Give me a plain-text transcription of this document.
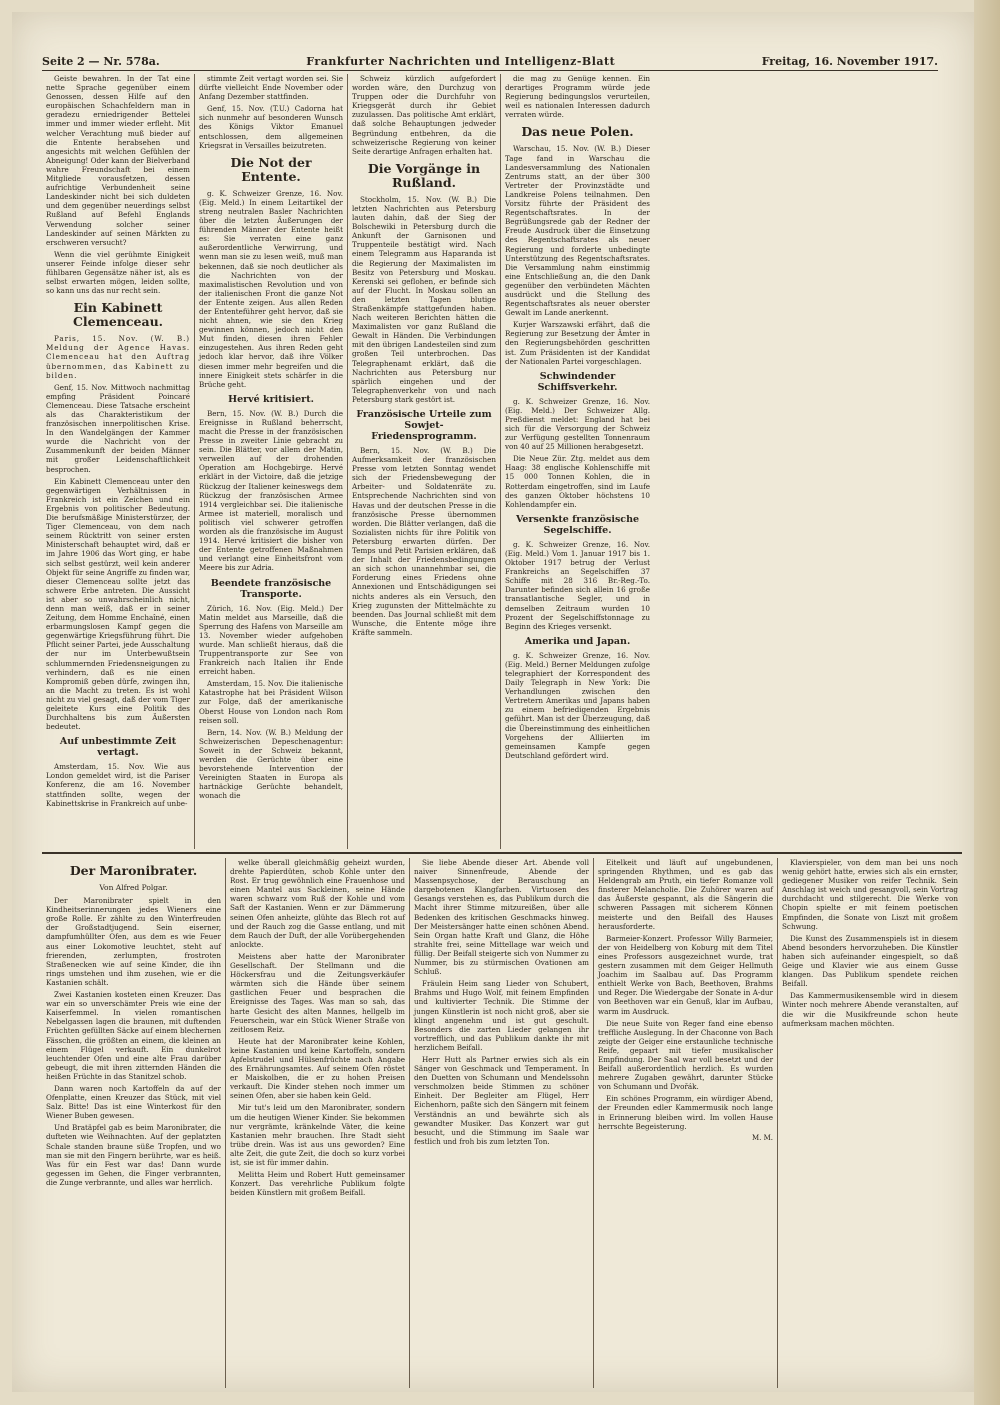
Seite 2 — Nr. 578a.	Frankfurter Nachrichten und Intelligenz-Blatt	Freitag, 16. November 1917.

Geiste bewahren. In der Tat eine nette Sprache gegenüber einem Genossen, dessen Hilfe auf den europäischen Schachfeldern man in geradezu erniedrigender Bettelei immer und immer wieder erfleht. Mit welcher Verachtung muß bieder auf die Entente herabsehen und angesichts mit welchen Gefühlen der Abneigung! Oder kann der Bielverband wahre Freundschaft bei einem Mitgliede vorausfetzen, dessen aufrichtige Verbundenheit seine Landeskinder nicht bei sich duldeten und dem gegenüber neuerdings selbst Rußland auf Befehl Englands Verwendung solcher seiner Landeskinder auf seinen Märkten zu erschweren versucht?

Wenn die viel gerühmte Einigkeit unserer Feinde infolge dieser sehr fühlbaren Gegensätze näher ist, als es selbst erwarten mögen, leiden sollte, so kann uns das nur recht sein.

Ein Kabinett Clemenceau.

Paris, 15. Nov. (W. B.) Meldung der Agence Havas. Clemenceau hat den Auftrag übernommen, das Kabinett zu bilden.

Genf, 15. Nov. Mittwoch nachmittag empfing Präsident Poincaré Clemenceau. Diese Tatsache erscheint als das Charakteristikum der französischen innerpolitischen Krise. In den Wandelgängen der Kammer wurde die Nachricht von der Zusammenkunft der beiden Männer mit großer Leidenschaftlichkeit besprochen.

Ein Kabinett Clemenceau unter den gegenwärtigen Verhältnissen in Frankreich ist ein Zeichen und ein Ergebnis von politischer Bedeutung. Die berufsmäßige Ministerstürzer, der Tiger Clemenceau, von dem nach seinem Rücktritt von seiner ersten Ministerschaft behauptet wird, daß er im Jahre 1906 das Wort ging, er habe sich selbst gestürzt, weil kein anderer Objekt für seine Angriffe zu finden war, dieser Clemenceau sollte jetzt das schwere Erbe antreten. Die Aussicht ist aber so unwahrscheinlich nicht, denn man weiß, daß er in seiner Zeitung, dem Homme Enchaîné, einen erbarmungslosen Kampf gegen die gegenwärtige Kriegsführung führt. Die Pflicht seiner Partei, jede Ausschaltung der nur im Unterbewußtsein schlummernden Friedensneigungen zu verhindern, daß es nie einen Kompromiß geben dürfe, zwingen ihn, an die Macht zu treten. Es ist wohl nicht zu viel gesagt, daß der vom Tiger geleitete Kurs eine Politik des Durchhaltens bis zum Äußersten bedeutet.

Auf unbestimmte Zeit vertagt.

Amsterdam, 15. Nov. Wie aus London gemeldet wird, ist die Pariser Konferenz, die am 16. November stattfinden sollte, wegen der Kabinettskrise in Frankreich auf unbe-

stimmte Zeit vertagt worden sei. Sie dürfte vielleicht Ende November oder Anfang Dezember stattfinden.

Genf, 15. Nov. (T.U.) Cadorna hat sich nunmehr auf besonderen Wunsch des Königs Viktor Emanuel entschlossen, dem allgemeinen Kriegsrat in Versailles beizutreten.

Die Not der Entente.

g. K. Schweizer Grenze, 16. Nov. (Eig. Meld.) In einem Leitartikel der streng neutralen Basler Nachrichten über die letzten Äußerungen der führenden Männer der Entente heißt es: Sie verraten eine ganz außerordentliche Verwirrung, und wenn man sie zu lesen weiß, muß man bekennen, daß sie noch deutlicher als die Nachrichten von der maximalistischen Revolution und von der italienischen Front die ganze Not der Entente zeigen. Aus allen Reden der Ententeführer geht hervor, daß sie nicht ahnen, wie sie den Krieg gewinnen können, jedoch nicht den Mut finden, diesen ihren Fehler einzugestehen. Aus ihren Reden geht jedoch klar hervor, daß ihre Völker diesen immer mehr begreifen und die innere Einigkeit stets schärfer in die Brüche geht.

Hervé kritisiert.

Bern, 15. Nov. (W. B.) Durch die Ereignisse in Rußland beherrscht, macht die Presse in der französischen Presse in zweiter Linie gebracht zu sein. Die Blätter, vor allem der Matin, verweilen auf der drohenden Operation am Hochgebirge. Hervé erklärt in der Victoire, daß die jetzige Rückzug der Italiener keineswegs dem Rückzug der französischen Armee 1914 vergleichbar sei. Die italienische Armee ist materiell, moralisch und politisch viel schwerer getroffen worden als die französische im August 1914. Hervé kritisiert die bisher von der Entente getroffenen Maßnahmen und verlangt eine Einheitsfront vom Meere bis zur Adria.

Beendete französische Transporte.

Zürich, 16. Nov. (Eig. Meld.) Der Matin meldet aus Marseille, daß die Sperrung des Hafens von Marseille am 13. November wieder aufgehoben wurde. Man schließt hieraus, daß die Truppentransporte zur See von Frankreich nach Italien ihr Ende erreicht haben.

Amsterdam, 15. Nov. Die italienische Katastrophe hat bei Präsident Wilson zur Folge, daß der amerikanische Oberst House von London nach Rom reisen soll.

Bern, 14. Nov. (W. B.) Meldung der Schweizerischen Depeschenagentur: Soweit in der Schweiz bekannt, werden die Gerüchte über eine bevorstehende Intervention der Vereinigten Staaten in Europa als hartnäckige Gerüchte behandelt, wonach die

Schweiz kürzlich aufgefordert worden wäre, den Durchzug von Truppen oder die Durchfuhr von Kriegsgerät durch ihr Gebiet zuzulassen. Das politische Amt erklärt, daß solche Behauptungen jedweder Begründung entbehren, da die schweizerische Regierung von keiner Seite derartige Anfragen erhalten hat.

Die Vorgänge in Rußland.

Stockholm, 15. Nov. (W. B.) Die letzten Nachrichten aus Petersburg lauten dahin, daß der Sieg der Bolschewiki in Petersburg durch die Ankunft der Garnisonen und Truppenteile bestätigt wird. Nach einem Telegramm aus Haparanda ist die Regierung der Maximalisten im Besitz von Petersburg und Moskau. Kerenski sei geflohen, er befinde sich auf der Flucht. In Moskau sollen an den letzten Tagen blutige Straßenkämpfe stattgefunden haben. Nach weiteren Berichten hätten die Maximalisten vor ganz Rußland die Gewalt in Händen. Die Verbindungen mit den übrigen Landesteilen sind zum großen Teil unterbrochen. Das Telegraphenamt erklärt, daß die Nachrichten aus Petersburg nur spärlich eingehen und der Telegraphenverkehr von und nach Petersburg stark gestört ist.

Französische Urteile zum Sowjet-Friedensprogramm.

Bern, 15. Nov. (W. B.) Die Aufmerksamkeit der französischen Presse vom letzten Sonntag wendet sich der Friedensbewegung der Arbeiter- und Soldatenräte zu. Entsprechende Nachrichten sind von Havas und der deutschen Presse in die französische Presse übernommen worden. Die Blätter verlangen, daß die Sozialisten nichts für ihre Politik von Petersburg erwarten dürfen. Der Temps und Petit Parisien erklären, daß der Inhalt der Friedensbedingungen an sich schon unannehmbar sei, die Forderung eines Friedens ohne Annexionen und Entschädigungen sei nichts anderes als ein Versuch, den Krieg zugunsten der Mittelmächte zu beenden. Das Journal schließt mit dem Wunsche, die Entente möge ihre Kräfte sammeln.

die mag zu Genüge kennen. Ein derartiges Programm würde jede Regierung bedingungslos verurteilen, weil es nationalen Interessen dadurch verraten würde.

Das neue Polen.

Warschau, 15. Nov. (W. B.) Dieser Tage fand in Warschau die Landesversammlung des Nationalen Zentrums statt, an der über 300 Vertreter der Provinzstädte und Landkreise Polens teilnahmen. Den Vorsitz führte der Präsident des Regentschaftsrates. In der Begrüßungsrede gab der Redner der Freude Ausdruck über die Einsetzung des Regentschaftsrates als neuer Regierung und forderte unbedingte Unterstützung des Regentschaftsrates. Die Versammlung nahm einstimmig eine Entschließung an, die den Dank gegenüber den verbündeten Mächten ausdrückt und die Stellung des Regentschaftsrates als neuer oberster Gewalt im Lande anerkennt.

Kurjer Warszawski erfährt, daß die Regierung zur Besetzung der Ämter in den Regierungsbehörden geschritten ist. Zum Präsidenten ist der Kandidat der Nationalen Partei vorgeschlagen.

Schwindender Schiffsverkehr.

g. K. Schweizer Grenze, 16. Nov. (Eig. Meld.) Der Schweizer Allg. Preßdienst meldet: England hat bei sich für die Versorgung der Schweiz zur Verfügung gestellten Tonnenraum von 40 auf 25 Millionen herabgesetzt.

Die Neue Zür. Ztg. meldet aus dem Haag: 38 englische Kohlenschiffe mit 15 000 Tonnen Kohlen, die in Rotterdam eingetroffen, sind im Laufe des ganzen Oktober höchstens 10 Kohlendampfer ein.

Versenkte französische Segelschiffe.

g. K. Schweizer Grenze, 16. Nov. (Eig. Meld.) Vom 1. Januar 1917 bis 1. Oktober 1917 betrug der Verlust Frankreichs an Segelschiffen 37 Schiffe mit 28 316 Br.-Reg.-To. Darunter befinden sich allein 16 große transatlantische Segler, und in demselben Zeitraum wurden 10 Prozent der Segelschiffstonnage zu Beginn des Krieges versenkt.

Amerika und Japan.

g. K. Schweizer Grenze, 16. Nov. (Eig. Meld.) Berner Meldungen zufolge telegraphiert der Korrespondent des Daily Telegraph in New York: Die Verhandlungen zwischen den Vertretern Amerikas und Japans haben zu einem befriedigenden Ergebnis geführt. Man ist der Überzeugung, daß die Übereinstimmung des einheitlichen Vorgehens der Alliierten im gemeinsamen Kampfe gegen Deutschland gefördert wird.

Der Maronibrater.
Von Alfred Polgar.

Der Maronibrater spielt in den Kindheitserinnerungen jedes Wieners eine große Rolle. Er zählte zu den Winterfreuden der Großstadtjugend. Sein eiserner, dampfumhüllter Ofen, aus dem es wie Feuer aus einer Lokomotive leuchtet, steht auf frierenden, zerlumpten, frostroten Straßenecken wie auf seine Kinder, die ihn rings umstehen und ihm zusehen, wie er die Kastanien schält.

Zwei Kastanien kosteten einen Kreuzer. Das war ein so unverschämter Preis wie eine der Kaiserfemmel. In vielen romantischen Nebelgassen lagen die braunen, mit duftenden Früchten gefüllten Säcke auf einem blechernen Fässchen, die größten an einem, die kleinen an einem Flügel verkauft. Ein dunkelrot leuchtender Ofen und eine alte Frau darüber gebeugt, die mit ihren zitternden Händen die heißen Früchte in das Stanitzel schob.

Dann waren noch Kartoffeln da auf der Ofenplatte, einen Kreuzer das Stück, mit viel Salz. Bitte! Das ist eine Winterkost für den Wiener Buben gewesen.

Und Bratäpfel gab es beim Maronibrater, die dufteten wie Weihnachten. Auf der geplatzten Schale standen braune süße Tropfen, und wo man sie mit den Fingern berührte, war es heiß. Was für ein Fest war das! Dann wurde gegessen im Gehen, die Finger verbrannten, die Zunge verbrannte, und alles war herrlich.

welke überall gleichmäßig geheizt wurden, drehte Papierdüten, schob Kohle unter den Rost. Er trug gewöhnlich eine Frauenhose und einen Mantel aus Sackleinen, seine Hände waren schwarz vom Ruß der Kohle und vom Saft der Kastanien. Wenn er zur Dämmerung seinen Ofen anheizte, glühte das Blech rot auf und der Rauch zog die Gasse entlang, und mit dem Rauch der Duft, der alle Vorübergehenden anlockte.

Meistens aber hatte der Maronibrater Gesellschaft. Der Stellmann und die Höckersfrau und die Zeitungsverkäufer wärmten sich die Hände über seinem gastlichen Feuer und besprachen die Ereignisse des Tages. Was man so sah, das harte Gesicht des alten Mannes, hellgelb im Feuerschein, war ein Stück Wiener Straße von zeitlosem Reiz.

Heute hat der Maronibrater keine Kohlen, keine Kastanien und keine Kartoffeln, sondern Apfelstrudel und Hülsenfrüchte nach Angabe des Ernährungsamtes. Auf seinem Ofen röstet er Maiskolben, die er zu hohen Preisen verkauft. Die Kinder stehen noch immer um seinen Ofen, aber sie haben kein Geld.

Mir tut's leid um den Maronibrater, sondern um die heutigen Wiener Kinder. Sie bekommen nur vergrämte, kränkelnde Väter, die keine Kastanien mehr brauchen. Ihre Stadt sieht trübe drein. Was ist aus uns geworden? Eine alte Zeit, die gute Zeit, die doch so kurz vorbei ist, sie ist für immer dahin.

Melitta Heim und Robert Hutt gemeinsamer Konzert. Das verehrliche Publikum folgte beiden Künstlern mit großem Beifall.

Sie liebe Abende dieser Art. Abende voll naiver Sinnenfreude, Abende der Massenpsychose, der Berauschung an dargebotenen Klangfarben. Virtuosen des Gesangs verstehen es, das Publikum durch die Macht ihrer Stimme mitzureißen, über alle Bedenken des kritischen Geschmacks hinweg. Der Meistersänger hatte einen schönen Abend. Sein Organ hatte Kraft und Glanz, die Höhe strahlte frei, seine Mittellage war weich und füllig. Der Beifall steigerte sich von Nummer zu Nummer, bis zu stürmischen Ovationen am Schluß.

Fräulein Heim sang Lieder von Schubert, Brahms und Hugo Wolf, mit feinem Empfinden und kultivierter Technik. Die Stimme der jungen Künstlerin ist noch nicht groß, aber sie klingt angenehm und ist gut geschult. Besonders die zarten Lieder gelangen ihr vortrefflich, und das Publikum dankte ihr mit herzlichem Beifall.

Herr Hutt als Partner erwies sich als ein Sänger von Geschmack und Temperament. In den Duetten von Schumann und Mendelssohn verschmolzen beide Stimmen zu schöner Einheit. Der Begleiter am Flügel, Herr Eichenhorn, paßte sich den Sängern mit feinem Verständnis an und bewährte sich als gewandter Musiker. Das Konzert war gut besucht, und die Stimmung im Saale war festlich und froh bis zum letzten Ton.

Eitelkeit und läuft auf ungebundenen, springenden Rhythmen, und es gab das Heldengrab am Pruth, ein tiefer Romanze voll finsterer Melancholie. Die Zuhörer waren auf das Äußerste gespannt, als die Sängerin die schweren Passagen mit sicherem Können meisterte und den Beifall des Hauses herausforderte.

Barmeier-Konzert. Professor Willy Barmeier, der von Heidelberg von Koburg mit dem Titel eines Professors ausgezeichnet wurde, trat gestern zusammen mit dem Geiger Hellmuth Joachim im Saalbau auf. Das Programm enthielt Werke von Bach, Beethoven, Brahms und Reger. Die Wiedergabe der Sonate in A-dur von Beethoven war ein Genuß, klar im Aufbau, warm im Ausdruck.

Die neue Suite von Reger fand eine ebenso treffliche Auslegung. In der Chaconne von Bach zeigte der Geiger eine erstaunliche technische Reife, gepaart mit tiefer musikalischer Empfindung. Der Saal war voll besetzt und der Beifall außerordentlich herzlich. Es wurden mehrere Zugaben gewährt, darunter Stücke von Schumann und Dvořák.

Ein schönes Programm, ein würdiger Abend, der Freunden edler Kammermusik noch lange in Erinnerung bleiben wird. Im vollen Hause herrschte Begeisterung.

M. M.

Klavierspieler, von dem man bei uns noch wenig gehört hatte, erwies sich als ein ernster, gediegener Musiker von reifer Technik. Sein Anschlag ist weich und gesangvoll, sein Vortrag durchdacht und stilgerecht. Die Werke von Chopin spielte er mit feinem poetischen Empfinden, die Sonate von Liszt mit großem Schwung.

Die Kunst des Zusammenspiels ist in diesem Abend besonders hervorzuheben. Die Künstler haben sich aufeinander eingespielt, so daß Geige und Klavier wie aus einem Gusse klangen. Das Publikum spendete reichen Beifall.

Das Kammermusikensemble wird in diesem Winter noch mehrere Abende veranstalten, auf die wir die Musikfreunde schon heute aufmerksam machen möchten.
